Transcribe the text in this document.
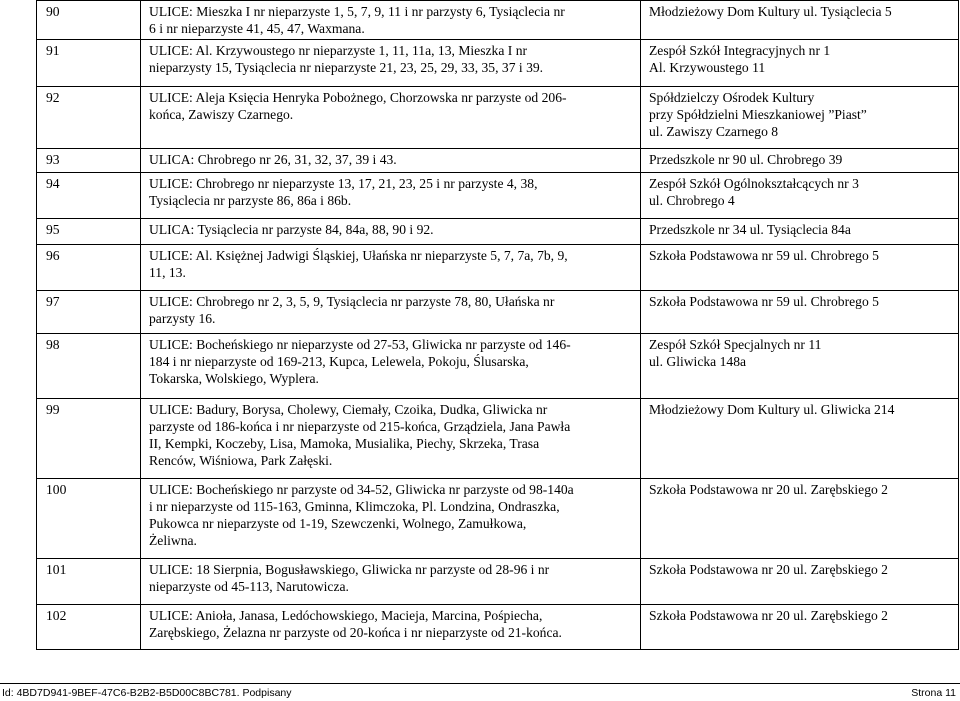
90	ULICE: Mieszka I nr nieparzyste 1, 5, 7, 9, 11 i nr parzysty 6, Tysiąclecia nr
6 i nr nieparzyste 41, 45, 47, Waxmana.	Młodzieżowy Dom Kultury ul. Tysiąclecia 5

91	ULICE: Al. Krzywoustego nr nieparzyste 1, 11, 11a, 13, Mieszka I nr
nieparzysty 15, Tysiąclecia nr nieparzyste 21, 23, 25, 29, 33, 35, 37 i 39.	Zespół Szkół Integracyjnych nr 1
Al. Krzywoustego 11

92	ULICE: Aleja Księcia Henryka Pobożnego, Chorzowska nr parzyste od 206-
końca, Zawiszy Czarnego.	Spółdzielczy Ośrodek Kultury
przy Spółdzielni Mieszkaniowej ”Piast”
ul. Zawiszy Czarnego 8

93	ULICA: Chrobrego nr 26, 31, 32, 37, 39 i 43.	Przedszkole nr 90 ul. Chrobrego 39

94	ULICE: Chrobrego nr nieparzyste 13, 17, 21, 23, 25 i nr parzyste 4, 38,
Tysiąclecia nr parzyste 86, 86a i 86b.	Zespół Szkół Ogólnokształcących nr 3
ul. Chrobrego 4

95	ULICA: Tysiąclecia nr parzyste 84, 84a, 88, 90 i 92.	Przedszkole nr 34 ul. Tysiąclecia 84a

96	ULICE: Al. Księżnej Jadwigi Śląskiej, Ułańska nr nieparzyste 5, 7, 7a, 7b, 9,
11, 13.	Szkoła Podstawowa nr 59 ul. Chrobrego 5

97	ULICE: Chrobrego nr 2, 3, 5, 9, Tysiąclecia nr parzyste 78, 80, Ułańska nr
parzysty 16.	Szkoła Podstawowa nr 59 ul. Chrobrego 5

98	ULICE: Bocheńskiego nr nieparzyste od 27-53, Gliwicka nr parzyste od 146-
184 i nr nieparzyste od 169-213, Kupca, Lelewela, Pokoju, Ślusarska,
Tokarska, Wolskiego, Wyplera.	Zespół Szkół Specjalnych nr 11
ul. Gliwicka 148a

99	ULICE: Badury, Borysa, Cholewy, Ciemały, Czoika, Dudka, Gliwicka nr
parzyste od 186-końca i nr nieparzyste od 215-końca, Grządziela, Jana Pawła
II, Kempki, Koczeby, Lisa, Mamoka, Musialika, Piechy, Skrzeka, Trasa
Renców, Wiśniowa, Park Załęski.	Młodzieżowy Dom Kultury ul. Gliwicka 214

100	ULICE: Bocheńskiego nr parzyste od 34-52, Gliwicka nr parzyste od 98-140a
i nr nieparzyste od 115-163, Gminna, Klimczoka, Pl. Londzina, Ondraszka,
Pukowca nr nieparzyste od 1-19, Szewczenki, Wolnego, Zamułkowa,
Żeliwna.	Szkoła Podstawowa nr 20 ul. Zarębskiego 2

101	ULICE: 18 Sierpnia, Bogusławskiego, Gliwicka nr parzyste od 28-96 i nr
nieparzyste od 45-113, Narutowicza.	Szkoła Podstawowa nr 20 ul. Zarębskiego 2

102	ULICE: Anioła, Janasa, Ledóchowskiego, Macieja, Marcina, Pośpiecha,
Zarębskiego, Żelazna nr parzyste od 20-końca i nr nieparzyste od 21-końca.	Szkoła Podstawowa nr 20 ul. Zarębskiego 2
Id: 4BD7D941-9BEF-47C6-B2B2-B5D00C8BC781. Podpisany	Strona 11
